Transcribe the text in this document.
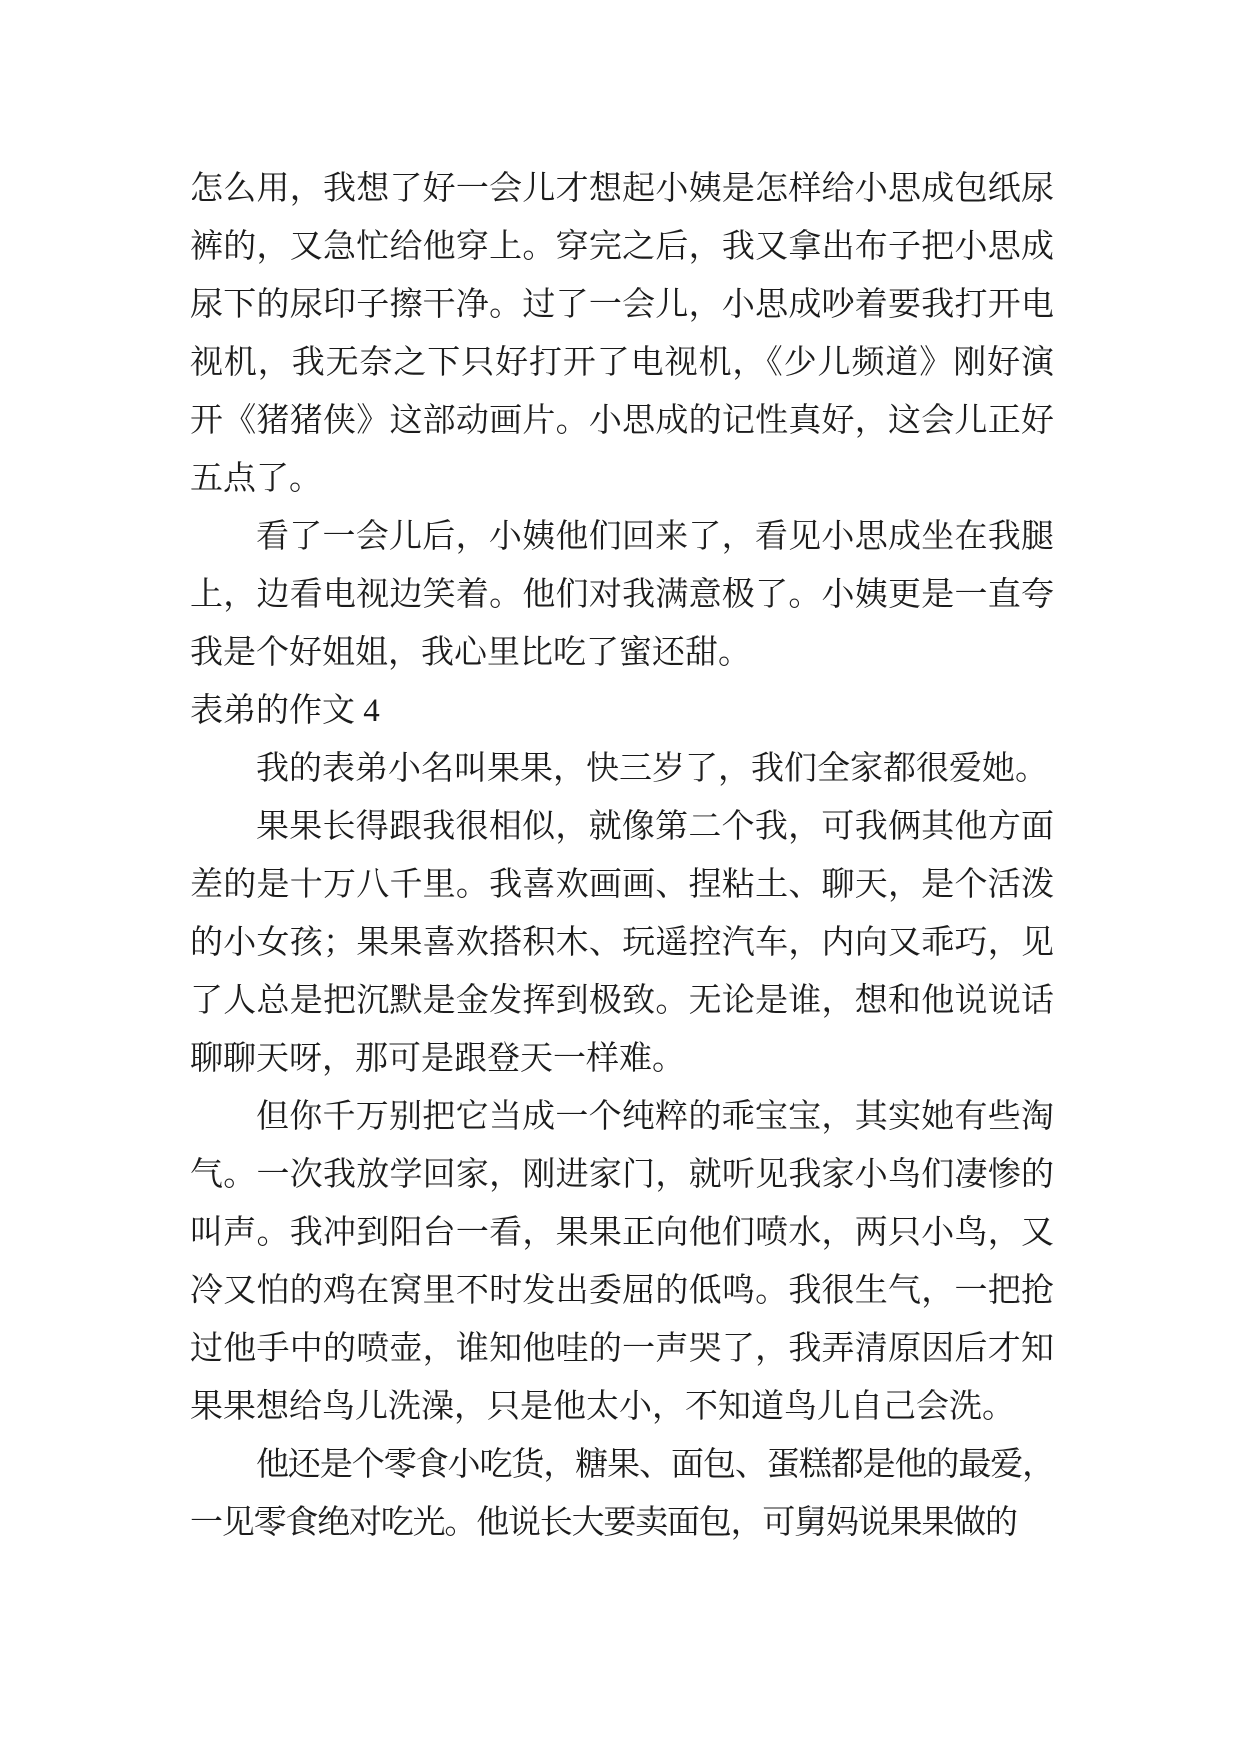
怎么用，我想了好一会儿才想起小姨是怎样给小思成包纸尿裤的，又急忙给他穿上。穿完之后，我又拿出布子把小思成尿下的尿印子擦干净。过了一会儿，小思成吵着要我打开电视机，我无奈之下只好打开了电视机，《少儿频道》刚好演开《猪猪侠》这部动画片。小思成的记性真好，这会儿正好五点了。

看了一会儿后，小姨他们回来了，看见小思成坐在我腿上，边看电视边笑着。他们对我满意极了。小姨更是一直夸我是个好姐姐，我心里比吃了蜜还甜。

表弟的作文 4

我的表弟小名叫果果，快三岁了，我们全家都很爱她。

果果长得跟我很相似，就像第二个我，可我俩其他方面差的是十万八千里。我喜欢画画、捏粘土、聊天，是个活泼的小女孩；果果喜欢搭积木、玩遥控汽车，内向又乖巧，见了人总是把沉默是金发挥到极致。无论是谁，想和他说说话聊聊天呀，那可是跟登天一样难。

但你千万别把它当成一个纯粹的乖宝宝，其实她有些淘气。一次我放学回家，刚进家门，就听见我家小鸟们凄惨的叫声。我冲到阳台一看，果果正向他们喷水，两只小鸟，又冷又怕的鸡在窝里不时发出委屈的低鸣。我很生气，一把抢过他手中的喷壶，谁知他哇的一声哭了，我弄清原因后才知果果想给鸟儿洗澡，只是他太小，不知道鸟儿自己会洗。

他还是个零食小吃货，糖果、面包、蛋糕都是他的最爱，一见零食绝对吃光。他说长大要卖面包，可舅妈说果果做的
